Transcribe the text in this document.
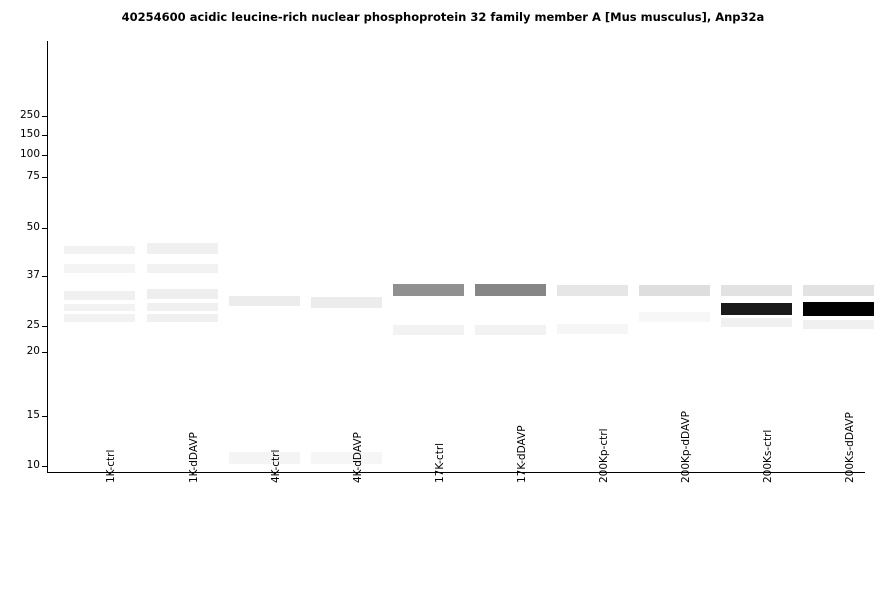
40254600 acidic leucine-rich nuclear phosphoprotein 32 family member A [Mus musculus], Anp32a
250
150
100
75
50
37
25
20
15
10	1K-ctrl	1K-dDAVP	4K-ctrl	4K-dDAVP	17K-ctrl	17K-dDAVP	200Kp-ctrl	200Kp-dDAVP	200Ks-ctrl	200Ks-dDAVP
